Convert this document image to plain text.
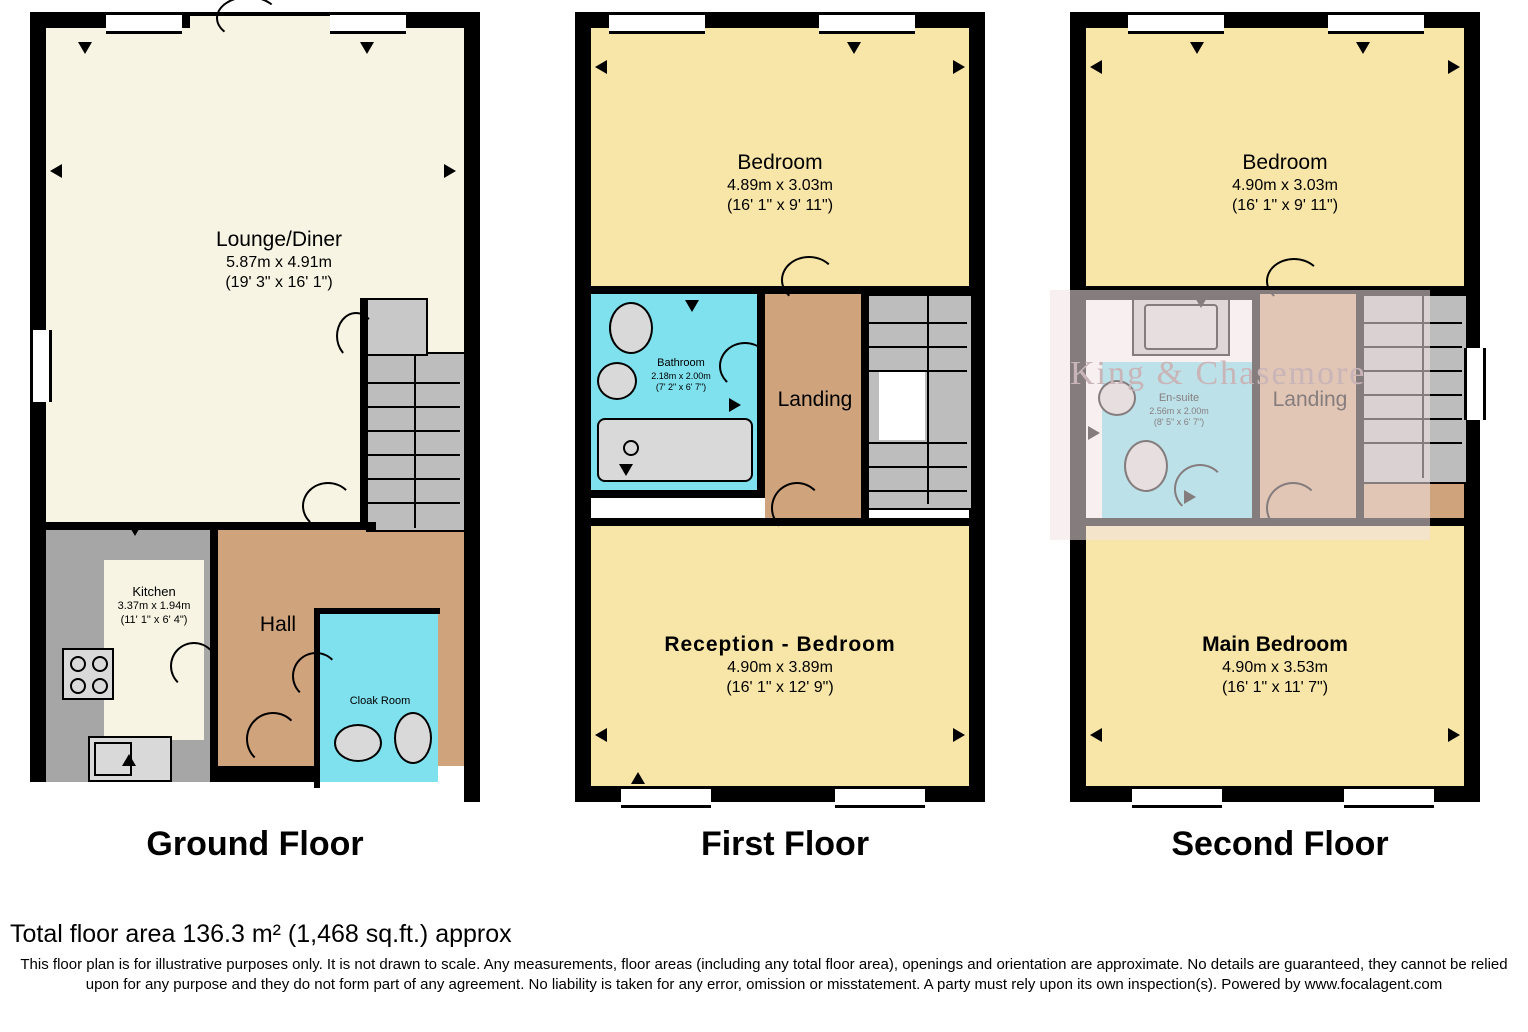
Lounge/Diner
5.87m x 4.91m
(19' 3" x 16' 1")
Kitchen
3.37m x 1.94m
(11' 1" x 6' 4")	Hall
Cloak Room
Ground Floor
Bedroom
4.89m x 3.03m
(16' 1" x 9' 11")
Bathroom
2.18m x 2.00m
(7' 2" x 6' 7")
Landing
Reception - Bedroom
4.90m x 3.89m
(16' 1" x 12' 9")
First Floor
Bedroom
4.90m x 3.03m
(16' 1" x 9' 11")
Main Bedroom
4.90m x 3.53m
(16' 1" x 11' 7")
Second Floor
King & Chasemore
Total floor area 136.3 m² (1,468 sq.ft.) approx
This floor plan is for illustrative purposes only. It is not drawn to scale. Any measurements, floor areas (including any total floor area), openings and orientation are approximate. No details are guaranteed, they cannot be relied upon for any purpose and they do not form part of any agreement. No liability is taken for any error, omission or misstatement. A party must rely upon its own inspection(s). Powered by www.focalagent.com
